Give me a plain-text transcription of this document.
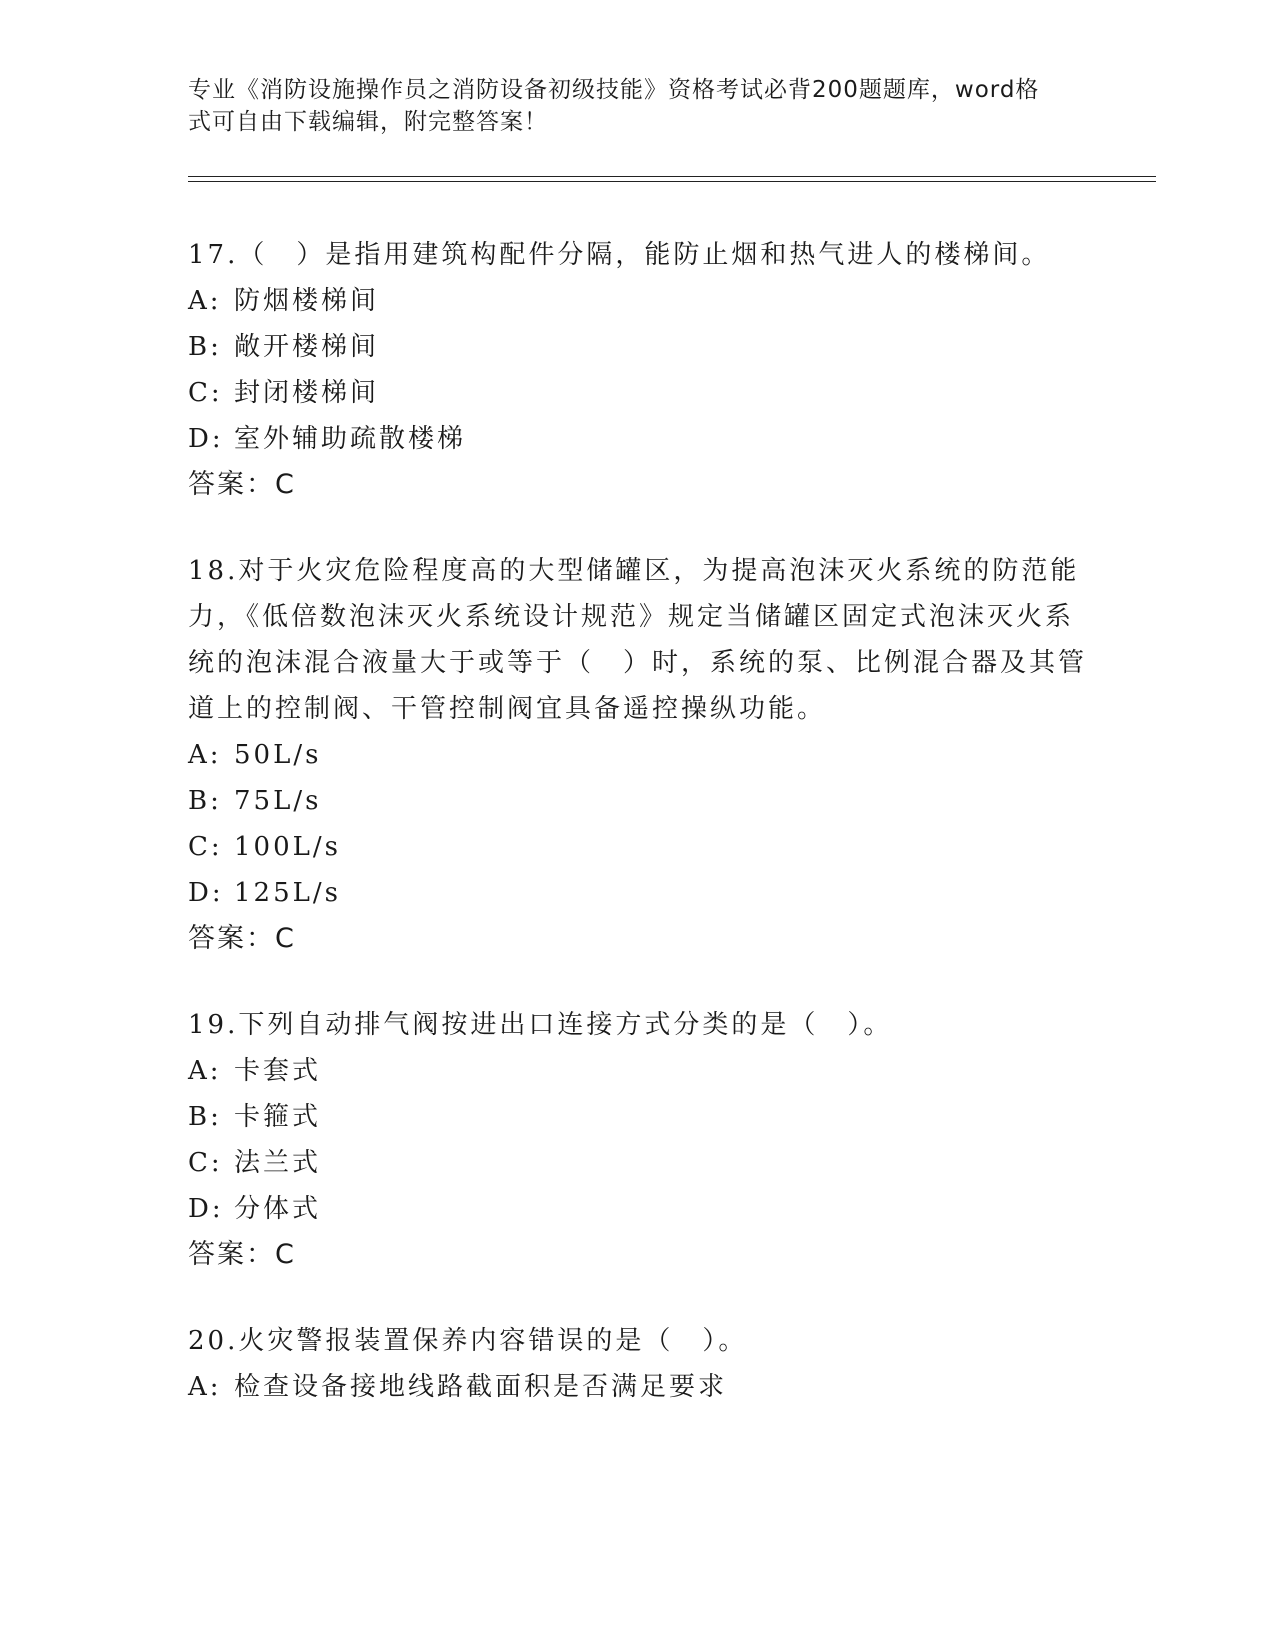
专业《消防设施操作员之消防设备初级技能》资格考试必背200题题库，word格
式可自由下载编辑，附完整答案！

17.（　）是指用建筑构配件分隔，能防止烟和热气进人的楼梯间。

A: 防烟楼梯间

B: 敞开楼梯间

C: 封闭楼梯间

D: 室外辅助疏散楼梯

答案：C

18.对于火灾危险程度高的大型储罐区，为提高泡沫灭火系统的防范能力，《低倍数泡沫灭火系统设计规范》规定当储罐区固定式泡沫灭火系统的泡沫混合液量大于或等于（　）时，系统的泵、比例混合器及其管道上的控制阀、干管控制阀宜具备遥控操纵功能。

A: 50L/s

B: 75L/s

C: 100L/s

D: 125L/s

答案：C

19.下列自动排气阀按进出口连接方式分类的是（　）。

A: 卡套式

B: 卡箍式

C: 法兰式

D: 分体式

答案：C

20.火灾警报装置保养内容错误的是（　）。

A: 检查设备接地线路截面积是否满足要求
